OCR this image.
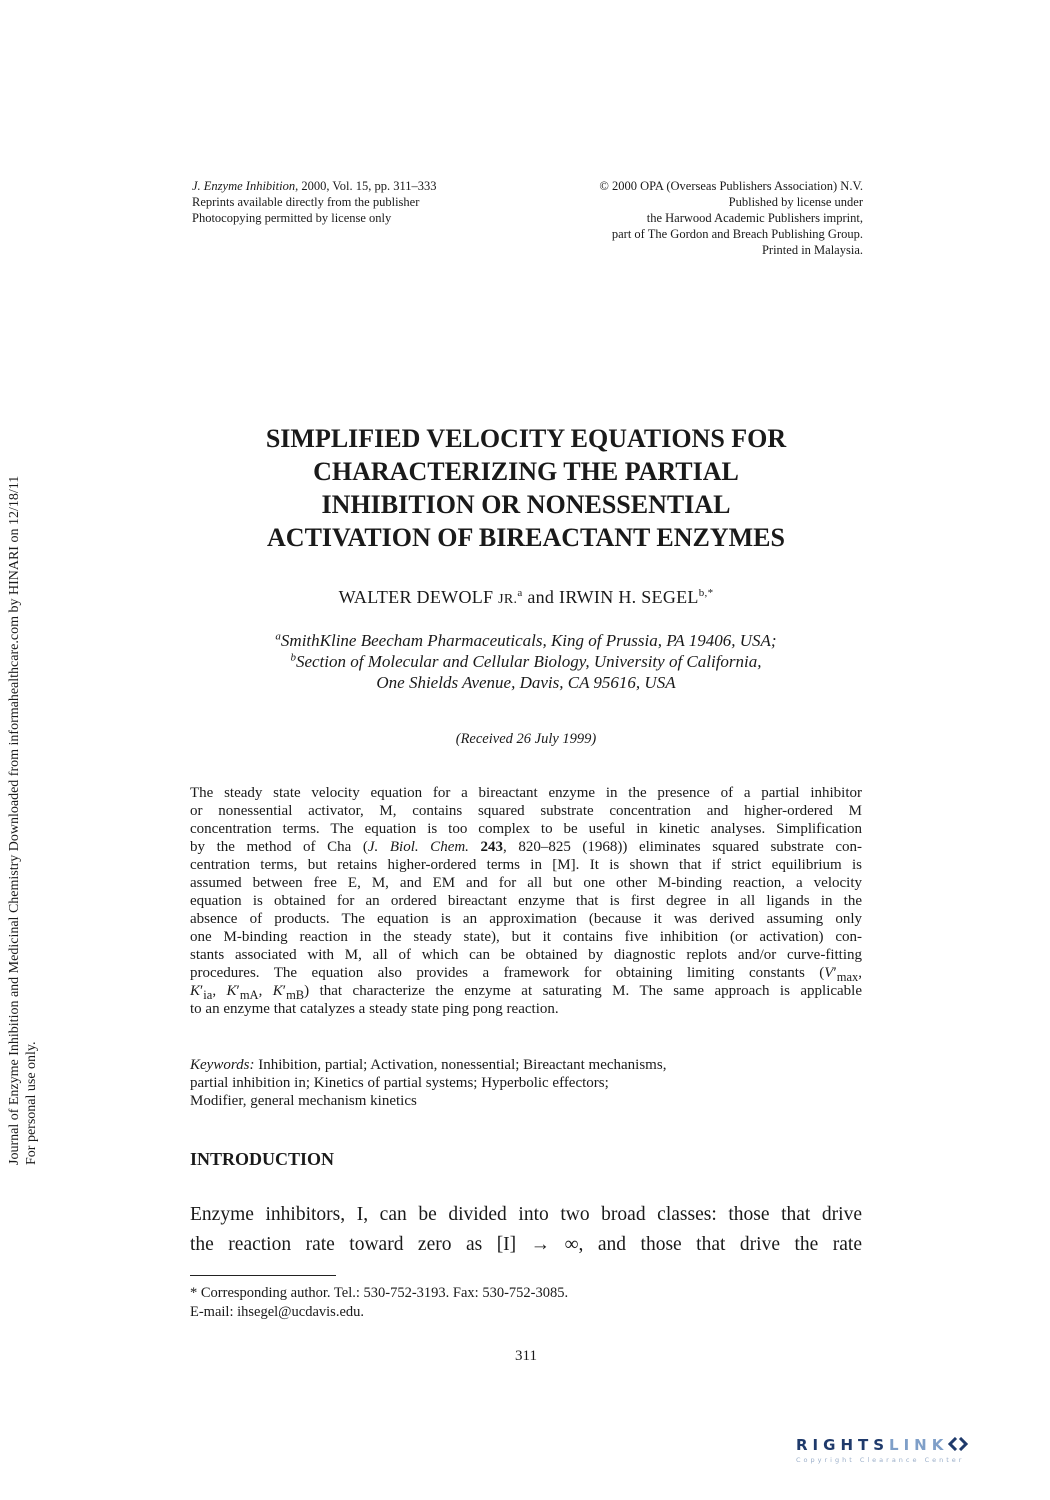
J. Enzyme Inhibition, 2000, Vol. 15, pp. 311–333
Reprints available directly from the publisher
Photocopying permitted by license only
© 2000 OPA (Overseas Publishers Association) N.V.
Published by license under
the Harwood Academic Publishers imprint,
part of The Gordon and Breach Publishing Group.
Printed in Malaysia.
Journal of Enzyme Inhibition and Medicinal Chemistry Downloaded from informahealthcare.com by HINARI on 12/18/11 For personal use only.
SIMPLIFIED VELOCITY EQUATIONS FOR
CHARACTERIZING THE PARTIAL
INHIBITION OR NONESSENTIAL
ACTIVATION OF BIREACTANT ENZYMES
WALTER DEWOLF JR.$^a$ and IRWIN H. $SEGEL^{b,*}$
$^a$SmithKline Beecham Pharmaceuticals, King of Prussia, PA 19406, USA;
$^b$Section of Molecular and Cellular Biology, University of California,
One Shields Avenue, Davis, CA 95616, USA
(Received 26 July 1999)
The steady state velocity equation for a bireactant enzyme in the presence of a partial inhibitor
or nonessential activator, M, contains squared substrate concentration and higher-ordered M
concentration terms. The equation is too complex to be useful in kinetic analyses. Simplification
by the method of Cha (J. Biol. Chem. 243, 820–825 (1968)) eliminates squared substrate con-
centration terms, but retains higher-ordered terms in [M]. It is shown that if strict equilibrium is
assumed between free E, M, and EM and for all but one other M-binding reaction, a velocity
equation is obtained for an ordered bireactant enzyme that is first degree in all ligands in the
absence of products. The equation is an approximation (because it was derived assuming only
one M-binding reaction in the steady state), but it contains five inhibition (or activation) con-
stants associated with M, all of which can be obtained by diagnostic replots and/or curve-fitting
procedures. The equation also provides a framework for obtaining limiting constants ($V'_{max}$,
$K'_{ia}$, $K'_{mA}$, $K'_{mB}$) that characterize the enzyme at saturating M. The same approach is applicable
to an enzyme that catalyzes a steady state ping pong reaction.
Keywords: Inhibition, partial; Activation, nonessential; Bireactant mechanisms,
partial inhibition in; Kinetics of partial systems; Hyperbolic effectors;
Modifier, general mechanism kinetics
INTRODUCTION
Enzyme inhibitors, I, can be divided into two broad classes: those that drive
the reaction rate toward zero as [I] → ∞, and those that drive the rate
* Corresponding author. Tel.: 530-752-3193. Fax: 530-752-3085.
E-mail: ihsegel@ucdavis.edu.
311
RIGHTSLINK
Copyright Clearance Center
